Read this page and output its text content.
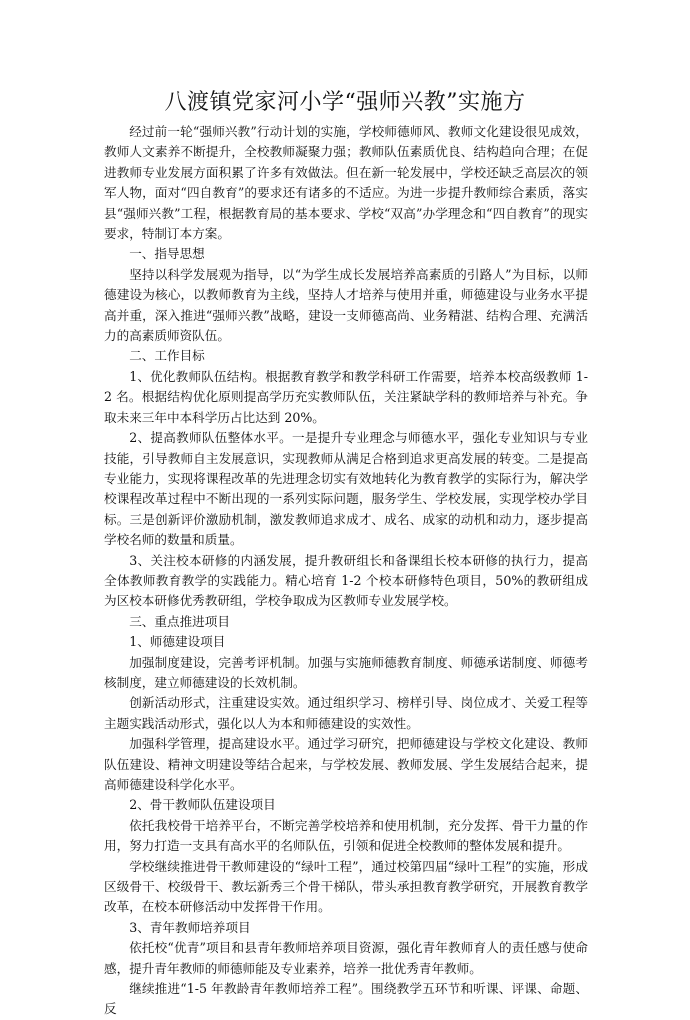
八渡镇党家河小学“强师兴教”实施方

经过前一轮“强师兴教”行动计划的实施，学校师德师风、教师文化建设很见成效，教师人文素养不断提升，全校教师凝聚力强；教师队伍素质优良、结构趋向合理；在促进教师专业发展方面积累了许多有效做法。但在新一轮发展中，学校还缺乏高层次的领军人物，面对“四自教育”的要求还有诸多的不适应。为进一步提升教师综合素质，落实县“强师兴教”工程，根据教育局的基本要求、学校“双高”办学理念和“四自教育”的现实要求，特制订本方案。

一、指导思想

坚持以科学发展观为指导，以“为学生成长发展培养高素质的引路人”为目标，以师德建设为核心，以教师教育为主线，坚持人才培养与使用并重，师德建设与业务水平提高并重，深入推进“强师兴教”战略，建设一支师德高尚、业务精湛、结构合理、充满活力的高素质师资队伍。

二、工作目标

1、优化教师队伍结构。根据教育教学和教学科研工作需要，培养本校高级教师 1-2 名。根据结构优化原则提高学历充实教师队伍，关注紧缺学科的教师培养与补充。争取未来三年中本科学历占比达到 20%。

2、提高教师队伍整体水平。一是提升专业理念与师德水平，强化专业知识与专业技能，引导教师自主发展意识，实现教师从满足合格到追求更高发展的转变。二是提高专业能力，实现将课程改革的先进理念切实有效地转化为教育教学的实际行为，解决学校课程改革过程中不断出现的一系列实际问题，服务学生、学校发展，实现学校办学目标。三是创新评价激励机制，激发教师追求成才、成名、成家的动机和动力，逐步提高学校名师的数量和质量。

3、关注校本研修的内涵发展，提升教研组长和备课组长校本研修的执行力，提高全体教师教育教学的实践能力。精心培育 1-2 个校本研修特色项目，50%的教研组成为区校本研修优秀教研组，学校争取成为区教师专业发展学校。

三、重点推进项目

1、师德建设项目

加强制度建设，完善考评机制。加强与实施师德教育制度、师德承诺制度、师德考核制度，建立师德建设的长效机制。

创新活动形式，注重建设实效。通过组织学习、榜样引导、岗位成才、关爱工程等主题实践活动形式，强化以人为本和师德建设的实效性。

加强科学管理，提高建设水平。通过学习研究，把师德建设与学校文化建设、教师队伍建设、精神文明建设等结合起来，与学校发展、教师发展、学生发展结合起来，提高师德建设科学化水平。

2、骨干教师队伍建设项目

依托我校骨干培养平台，不断完善学校培养和使用机制，充分发挥、骨干力量的作用，努力打造一支具有高水平的名师队伍，引领和促进全校教师的整体发展和提升。

学校继续推进骨干教师建设的“绿叶工程”，通过校第四届“绿叶工程”的实施，形成区级骨干、校级骨干、教坛新秀三个骨干梯队，带头承担教育教学研究，开展教育教学改革，在校本研修活动中发挥骨干作用。

3、青年教师培养项目

依托校“优青”项目和县青年教师培养项目资源，强化青年教师育人的责任感与使命感，提升青年教师的师德师能及专业素养，培养一批优秀青年教师。

继续推进“1-5 年教龄青年教师培养工程”。围绕教学五环节和听课、评课、命题、反
